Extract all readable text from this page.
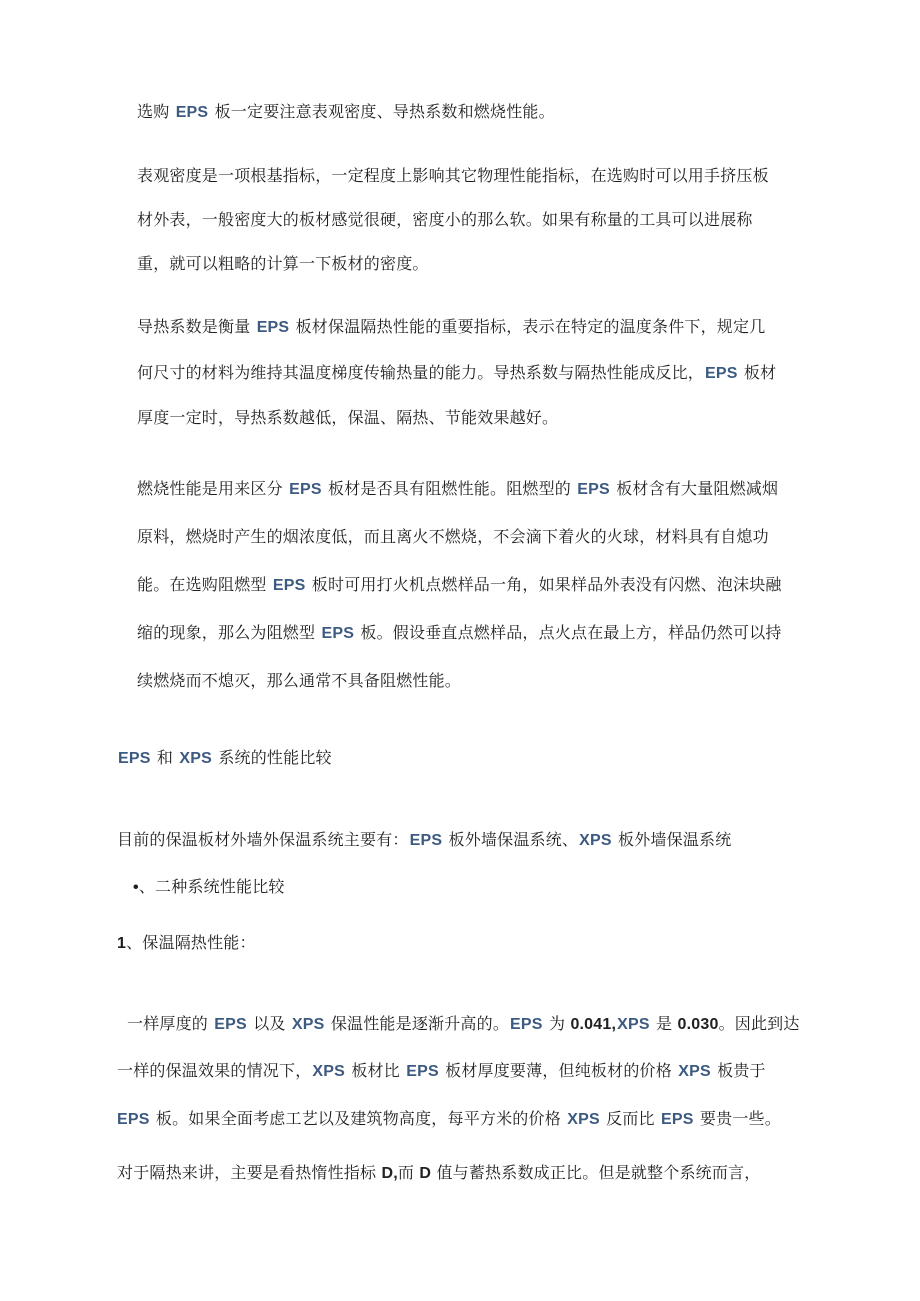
选购 EPS 板一定要注意表观密度、导热系数和燃烧性能。
表观密度是一项根基指标，一定程度上影响其它物理性能指标，在选购时可以用手挤压板
材外表，一般密度大的板材感觉很硬，密度小的那么软。如果有称量的工具可以进展称
重，就可以粗略的计算一下板材的密度。
导热系数是衡量 EPS 板材保温隔热性能的重要指标，表示在特定的温度条件下，规定几
何尺寸的材料为维持其温度梯度传输热量的能力。导热系数与隔热性能成反比，EPS 板材
厚度一定时，导热系数越低，保温、隔热、节能效果越好。
燃烧性能是用来区分 EPS 板材是否具有阻燃性能。阻燃型的 EPS 板材含有大量阻燃减烟
原料，燃烧时产生的烟浓度低，而且离火不燃烧，不会滴下着火的火球，材料具有自熄功
能。在选购阻燃型 EPS 板时可用打火机点燃样品一角，如果样品外表没有闪燃、泡沫块融
缩的现象，那么为阻燃型 EPS 板。假设垂直点燃样品，点火点在最上方，样品仍然可以持
续燃烧而不熄灭，那么通常不具备阻燃性能。
EPS 和 XPS 系统的性能比较
目前的保温板材外墙外保温系统主要有：EPS 板外墙保温系统、XPS 板外墙保温系统
•、二种系统性能比较
1、保温隔热性能：
一样厚度的 EPS 以及 XPS 保温性能是逐渐升高的。EPS 为 0.041,XPS 是 0.030。因此到达
一样的保温效果的情况下，XPS 板材比 EPS 板材厚度要薄，但纯板材的价格 XPS 板贵于
EPS 板。如果全面考虑工艺以及建筑物高度，每平方米的价格 XPS 反而比 EPS 要贵一些。
对于隔热来讲，主要是看热惰性指标 D,而 D 值与蓄热系数成正比。但是就整个系统而言，
